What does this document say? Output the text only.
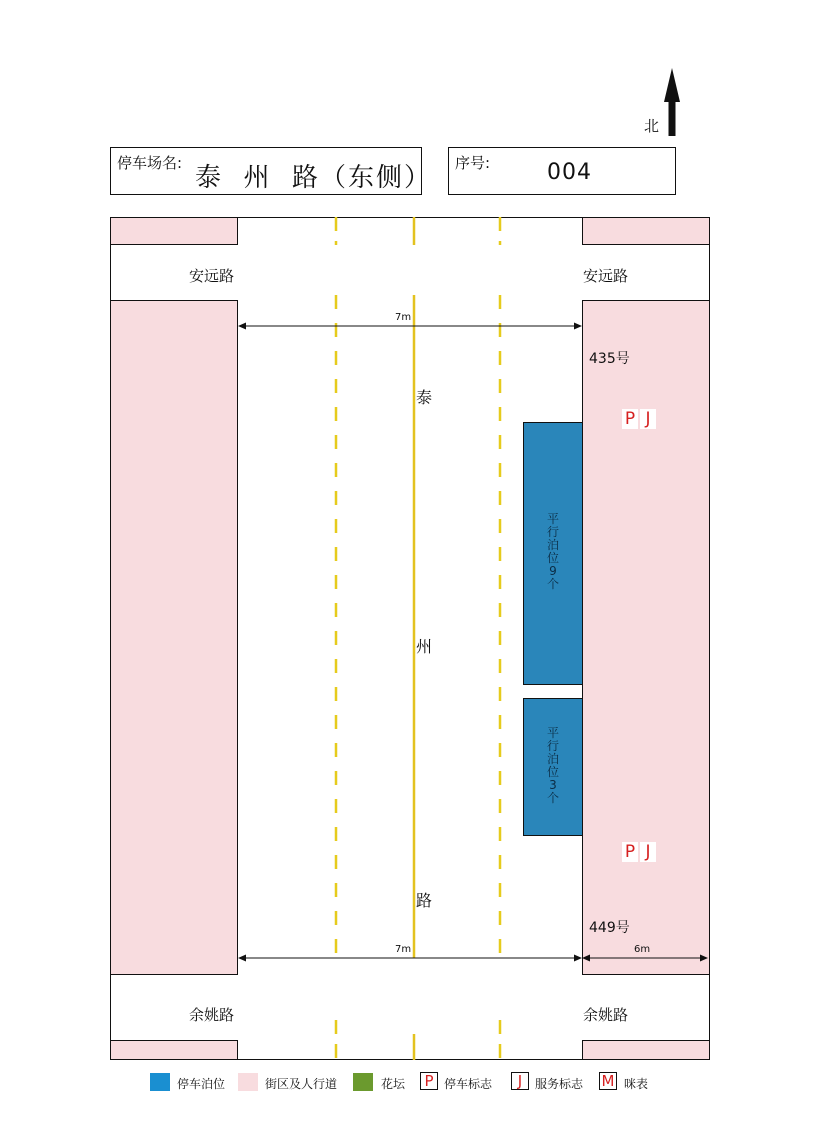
北
停车场名: 泰  州  路（东侧） 序号:	004
7m
7m	6m
安远路	安远路
余姚路	余姚路
泰
州
路
435号
449号
P J
P J
平
行
泊
位
9
个
平
行
泊
位
3
个
停车泊位	街区及人行道	花坛 P 停车标志	J	服务标志 M 咪表
